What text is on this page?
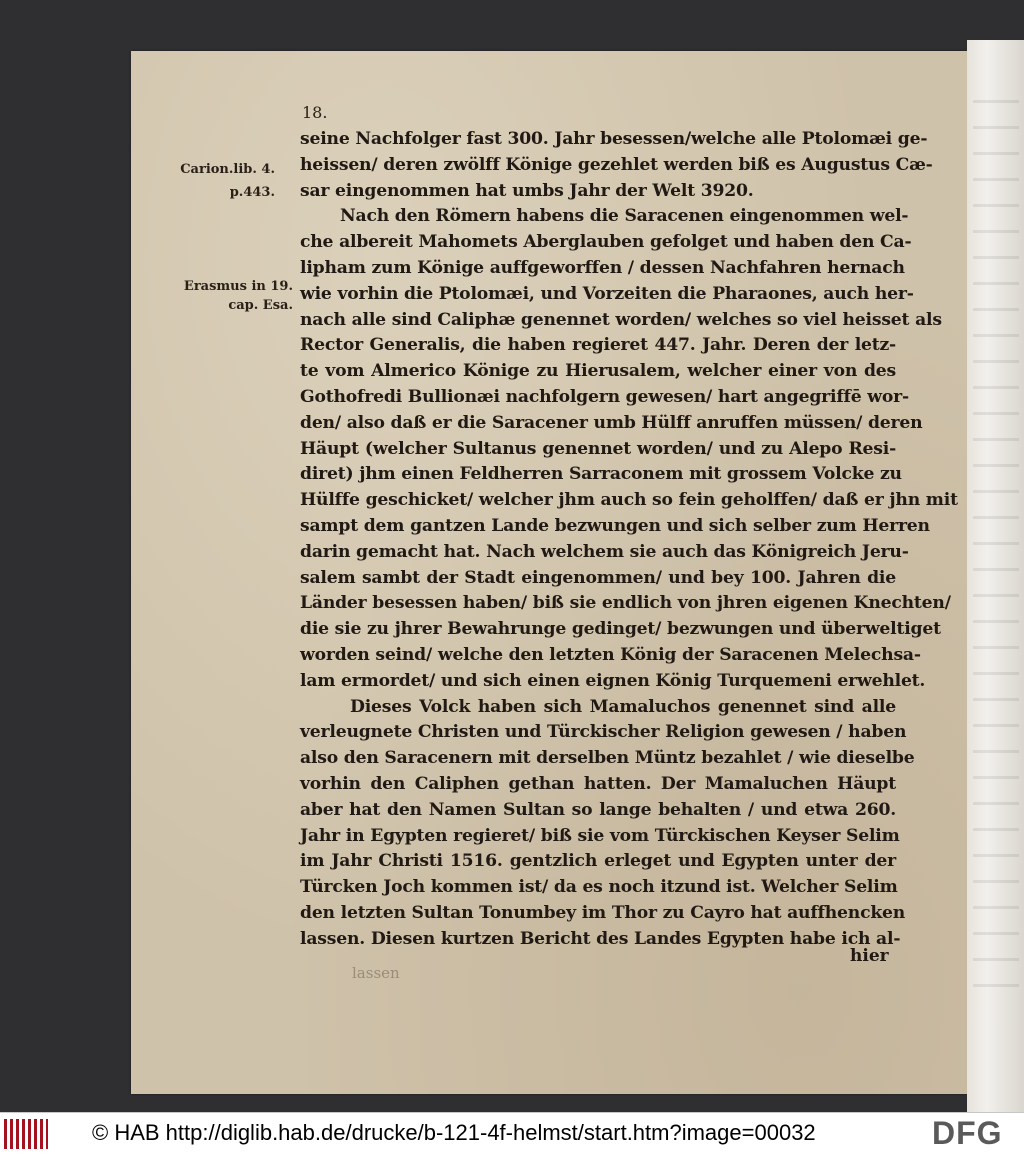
18.
Carion.lib. 4.
p.443.
Erasmus in 19.
cap. Esa.
seine Nachfolger fast 300. Jahr besessen/welche alle Ptolomæi ge-
heissen/ deren zwölff Könige gezehlet werden biß es Augustus Cæ-
sar eingenommen hat umbs Jahr der Welt 3920.
Nach den Römern habens die Saracenen eingenommen wel-
che albereit Mahomets Aberglauben gefolget und haben den Ca-
lipham zum Könige auffgeworffen / dessen Nachfahren hernach
wie vorhin die Ptolomæi, und Vorzeiten die Pharaones, auch her-
nach alle sind Caliphæ genennet worden/ welches so viel heisset als
Rector Generalis, die haben regieret 447. Jahr. Deren der letz-
te vom Almerico Könige zu Hierusalem, welcher einer von des
Gothofredi Bullionæi nachfolgern gewesen/ hart angegriffē wor-
den/ also daß er die Saracener umb Hülff anruffen müssen/ deren
Häupt (welcher Sultanus genennet worden/ und zu Alepo Resi-
diret) jhm einen Feldherren Sarraconem mit grossem Volcke zu
Hülffe geschicket/ welcher jhm auch so fein geholffen/ daß er jhn mit
sampt dem gantzen Lande bezwungen und sich selber zum Herren
darin gemacht hat. Nach welchem sie auch das Königreich Jeru-
salem sambt der Stadt eingenommen/ und bey 100. Jahren die
Länder besessen haben/ biß sie endlich von jhren eigenen Knechten/
die sie zu jhrer Bewahrunge gedinget/ bezwungen und überweltiget
worden seind/ welche den letzten König der Saracenen Melechsa-
lam ermordet/ und sich einen eignen König Turquemeni erwehlet.
Dieses Volck haben sich Mamaluchos genennet sind alle
verleugnete Christen und Türckischer Religion gewesen / haben
also den Saracenern mit derselben Müntz bezahlet / wie dieselbe
vorhin den Caliphen gethan hatten. Der Mamaluchen Häupt
aber hat den Namen Sultan so lange behalten / und etwa 260.
Jahr in Egypten regieret/ biß sie vom Türckischen Keyser Selim
im Jahr Christi 1516. gentzlich erleget und Egypten unter der
Türcken Joch kommen ist/ da es noch itzund ist. Welcher Selim
den letzten Sultan Tonumbey im Thor zu Cayro hat auffhencken
lassen. Diesen kurtzen Bericht des Landes Egypten habe ich al-
lassen
hier
© HAB http://diglib.hab.de/drucke/b-121-4f-helmst/start.htm?image=00032	DFG
